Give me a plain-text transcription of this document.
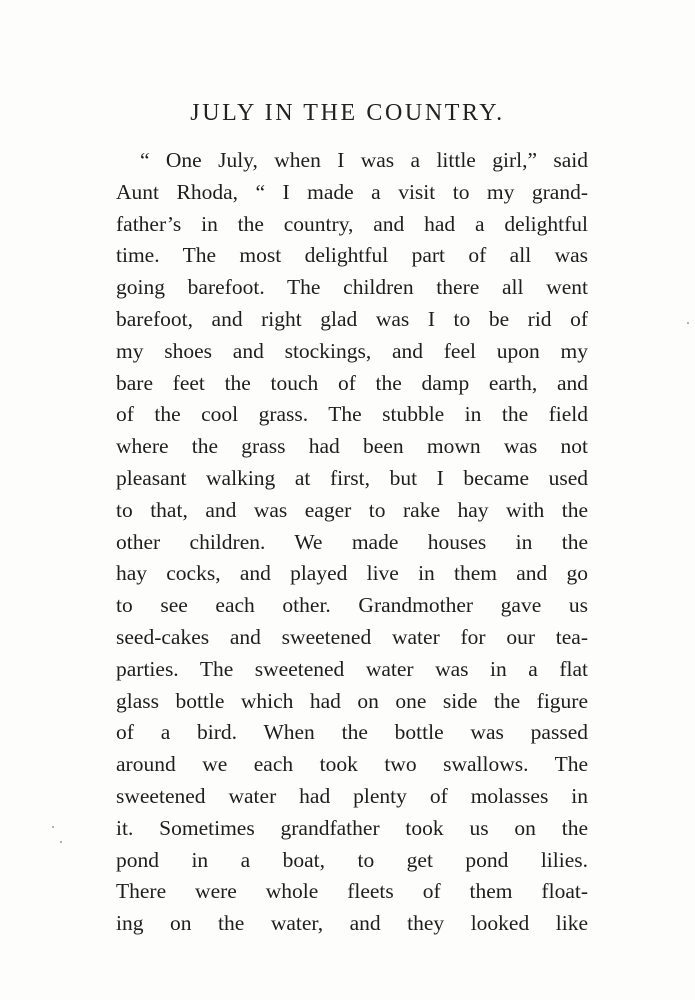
JULY IN THE COUNTRY.
“ One July, when I was a little girl,” said
Aunt Rhoda, “ I made a visit to my grand-
father’s in the country, and had a delightful
time. The most delightful part of all was
going barefoot. The children there all went
barefoot, and right glad was I to be rid of
my shoes and stockings, and feel upon my
bare feet the touch of the damp earth, and
of the cool grass. The stubble in the field
where the grass had been mown was not
pleasant walking at first, but I became used
to that, and was eager to rake hay with the
other children. We made houses in the
hay cocks, and played live in them and go
to see each other. Grandmother gave us
seed-cakes and sweetened water for our tea-
parties. The sweetened water was in a flat
glass bottle which had on one side the figure
of a bird. When the bottle was passed
around we each took two swallows. The
sweetened water had plenty of molasses in
it. Sometimes grandfather took us on the
pond in a boat, to get pond lilies.
There were whole fleets of them float-
ing on the water, and they looked like
